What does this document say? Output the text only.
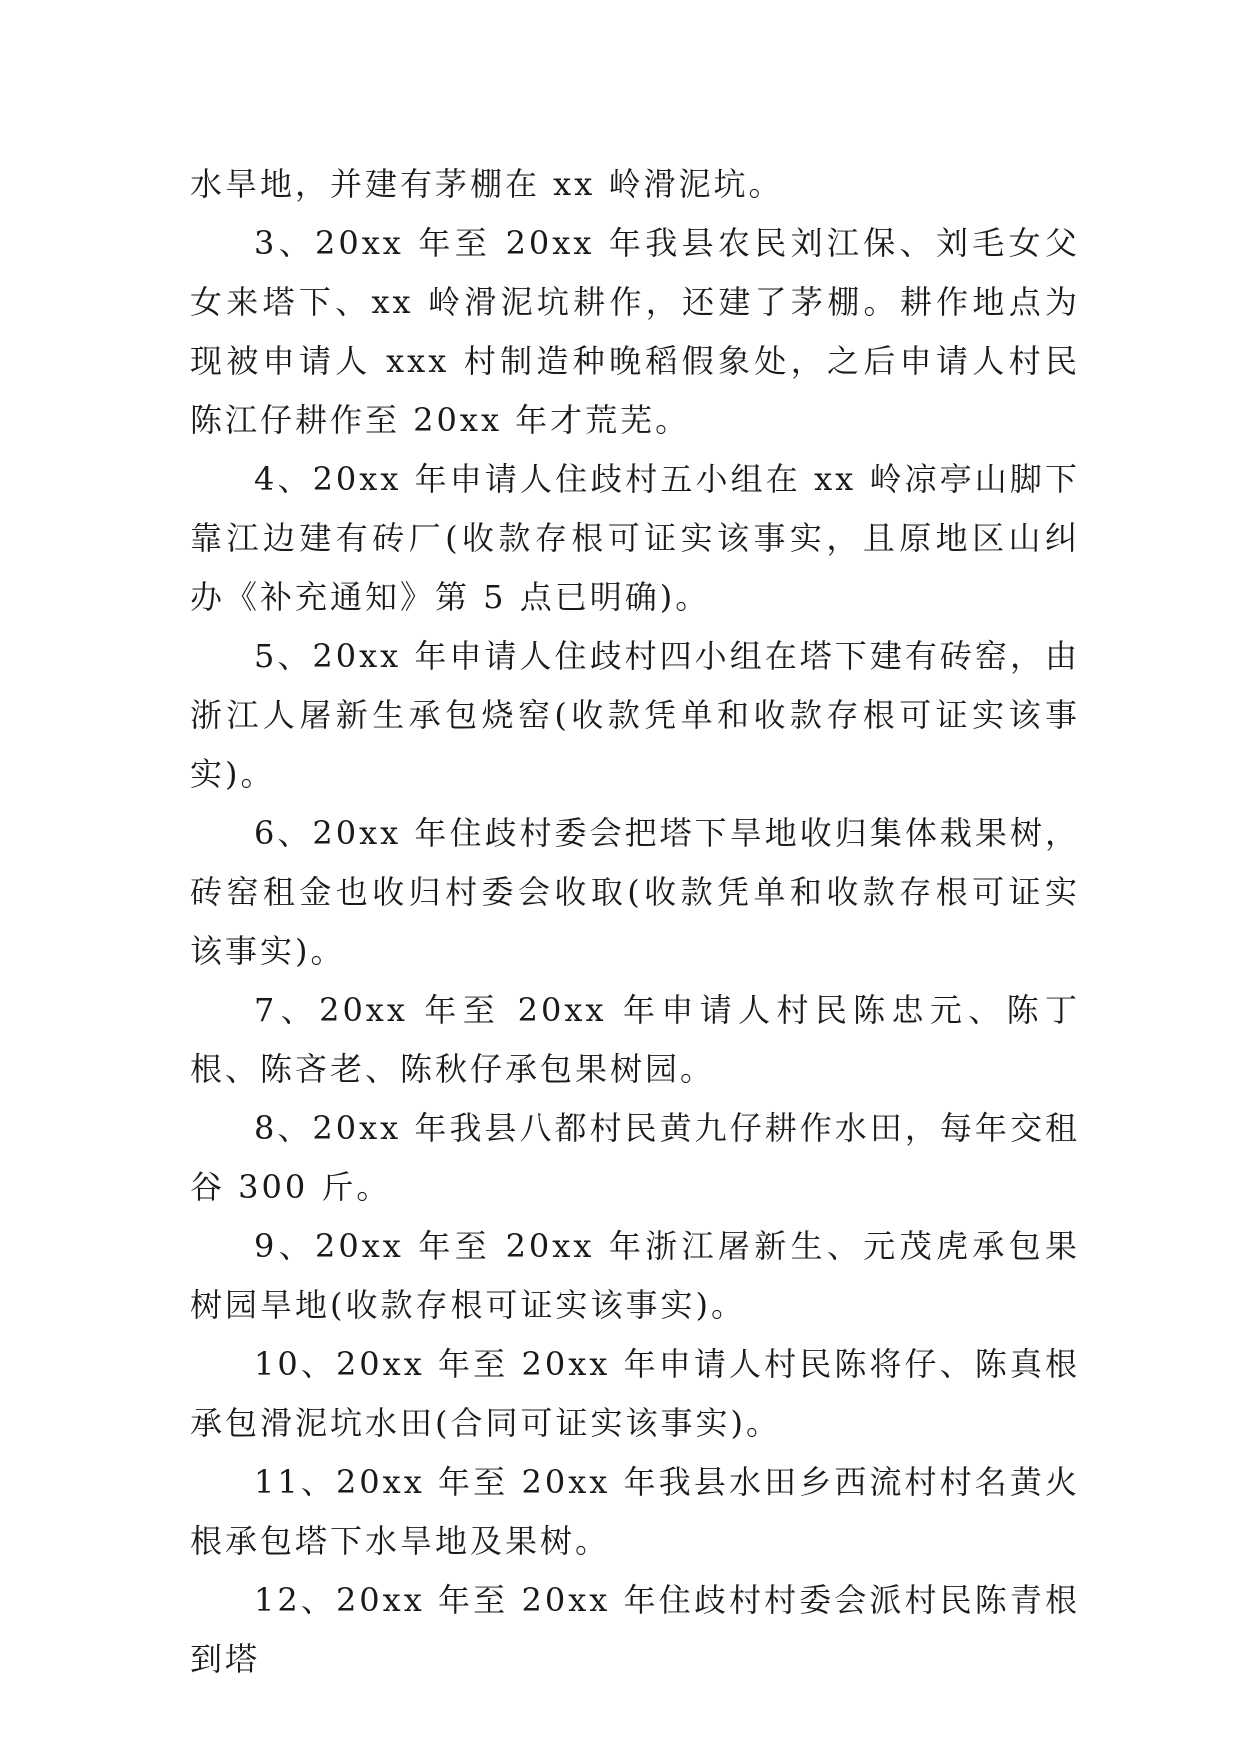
水旱地，并建有茅棚在 xx 岭滑泥坑。

3、20xx 年至 20xx 年我县农民刘江保、刘毛女父女来塔下、xx 岭滑泥坑耕作，还建了茅棚。耕作地点为现被申请人 xxx 村制造种晚稻假象处，之后申请人村民陈江仔耕作至 20xx 年才荒芜。

4、20xx 年申请人住歧村五小组在 xx 岭凉亭山脚下靠江边建有砖厂(收款存根可证实该事实，且原地区山纠办《补充通知》第 5 点已明确)。

5、20xx 年申请人住歧村四小组在塔下建有砖窑，由浙江人屠新生承包烧窑(收款凭单和收款存根可证实该事实)。

6、20xx 年住歧村委会把塔下旱地收归集体栽果树，砖窑租金也收归村委会收取(收款凭单和收款存根可证实该事实)。

7、20xx 年至 20xx 年申请人村民陈忠元、陈丁根、陈吝老、陈秋仔承包果树园。

8、20xx 年我县八都村民黄九仔耕作水田，每年交租谷 300 斤。

9、20xx 年至 20xx 年浙江屠新生、元茂虎承包果树园旱地(收款存根可证实该事实)。

10、20xx 年至 20xx 年申请人村民陈将仔、陈真根承包滑泥坑水田(合同可证实该事实)。

11、20xx 年至 20xx 年我县水田乡西流村村名黄火根承包塔下水旱地及果树。

12、20xx 年至 20xx 年住歧村村委会派村民陈青根到塔
